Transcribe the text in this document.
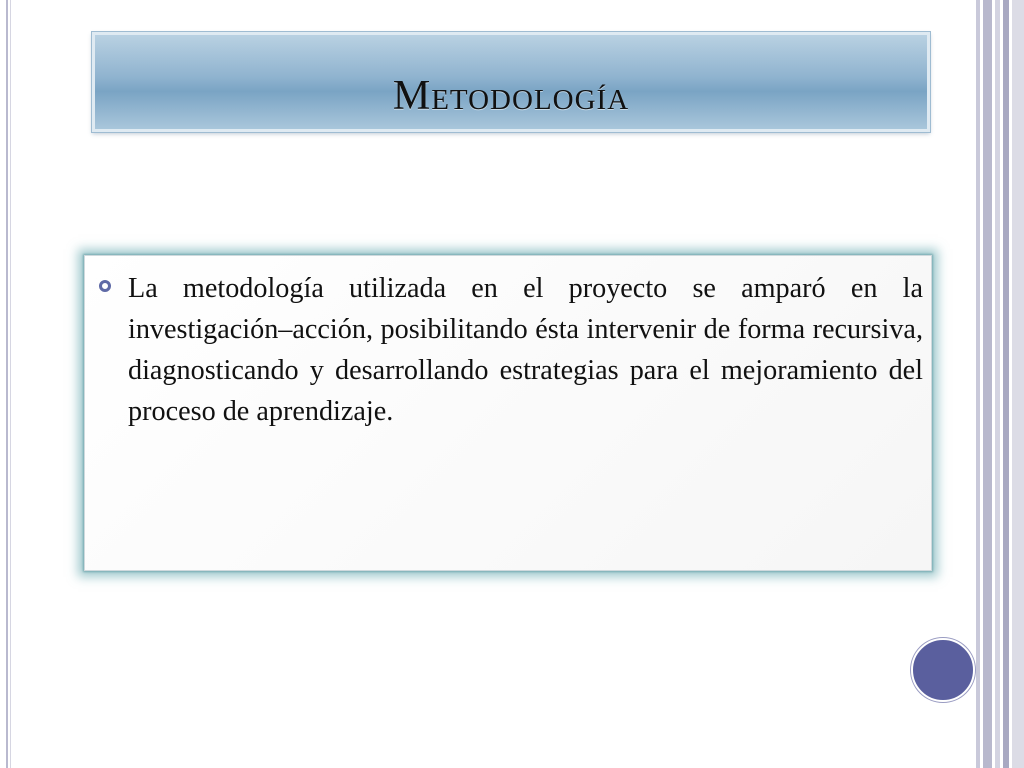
Metodología
La metodología utilizada en el proyecto se amparó en la investigación–acción, posibilitando ésta intervenir de forma recursiva, diagnosticando y desarrollando estrategias para el mejoramiento del proceso de aprendizaje.
